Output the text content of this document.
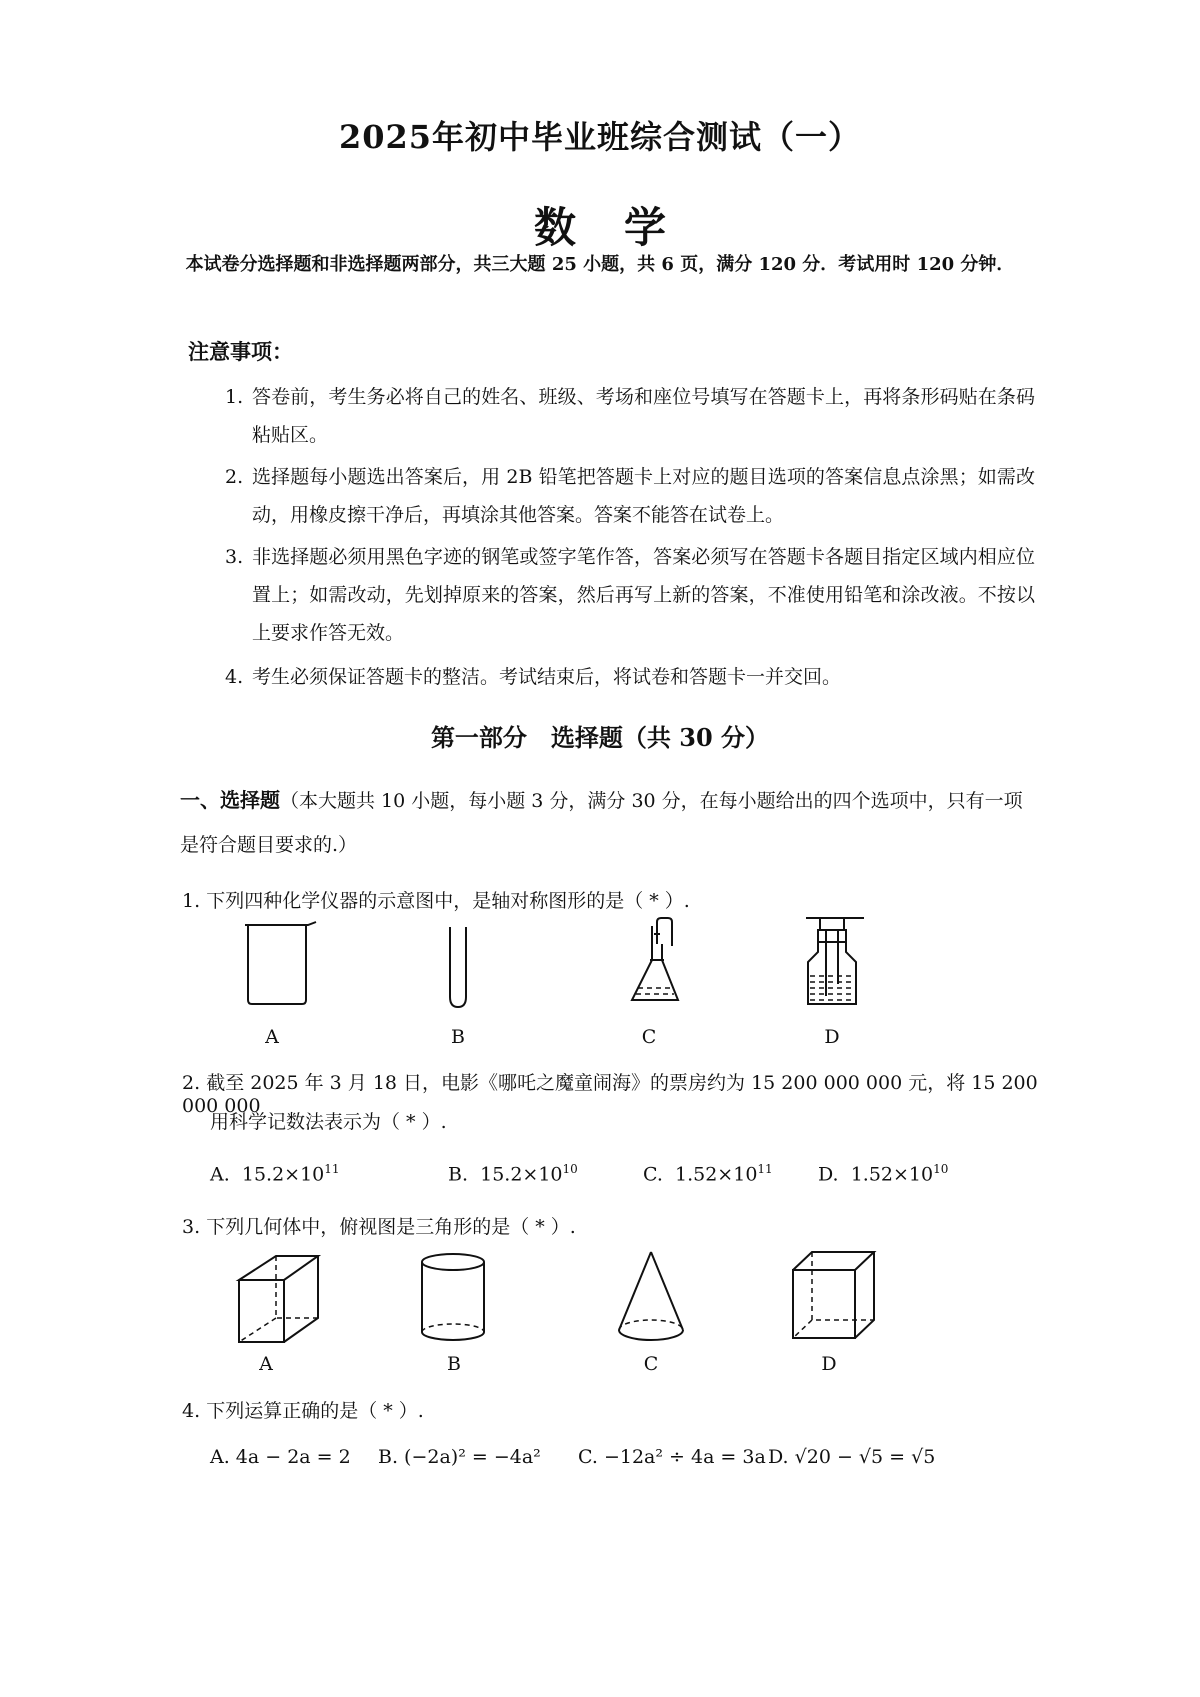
2025年初中毕业班综合测试（一）
数学
本试卷分选择题和非选择题两部分，共三大题 25 小题，共 6 页，满分 120 分．考试用时 120 分钟．
注意事项：
1. 答卷前，考生务必将自己的姓名、班级、考场和座位号填写在答题卡上，再将条形码贴在条码粘贴区。
2. 选择题每小题选出答案后，用 2B 铅笔把答题卡上对应的题目选项的答案信息点涂黑；如需改动，用橡皮擦干净后，再填涂其他答案。答案不能答在试卷上。
3. 非选择题必须用黑色字迹的钢笔或签字笔作答，答案必须写在答题卡各题目指定区域内相应位置上；如需改动，先划掉原来的答案，然后再写上新的答案，不准使用铅笔和涂改液。不按以上要求作答无效。
4. 考生必须保证答题卡的整洁。考试结束后，将试卷和答题卡一并交回。
第一部分　选择题（共 30 分）
一、选择题（本大题共 10 小题，每小题 3 分，满分 30 分，在每小题给出的四个选项中，只有一项是符合题目要求的.）
1. 下列四种化学仪器的示意图中，是轴对称图形的是（ * ）.
A	B	C	D
2. 截至 2025 年 3 月 18 日，电影《哪吒之魔童闹海》的票房约为 15 200 000 000 元，将 15 200 000 000
用科学记数法表示为（ * ）.
A. $15.2\times 10^{11}$	B. $15.2\times 10^{10}$	C. $1.52\times 10^{11}$ D. $1.52\times 10^{10}$
3. 下列几何体中，俯视图是三角形的是（ * ）.
A	B	C	D
4. 下列运算正确的是（ * ）.
A. 4a − 2a = 2 B. (−2a)² = −4a² C. −12a² ÷ 4a = 3a D. √20 − √5 = √5
